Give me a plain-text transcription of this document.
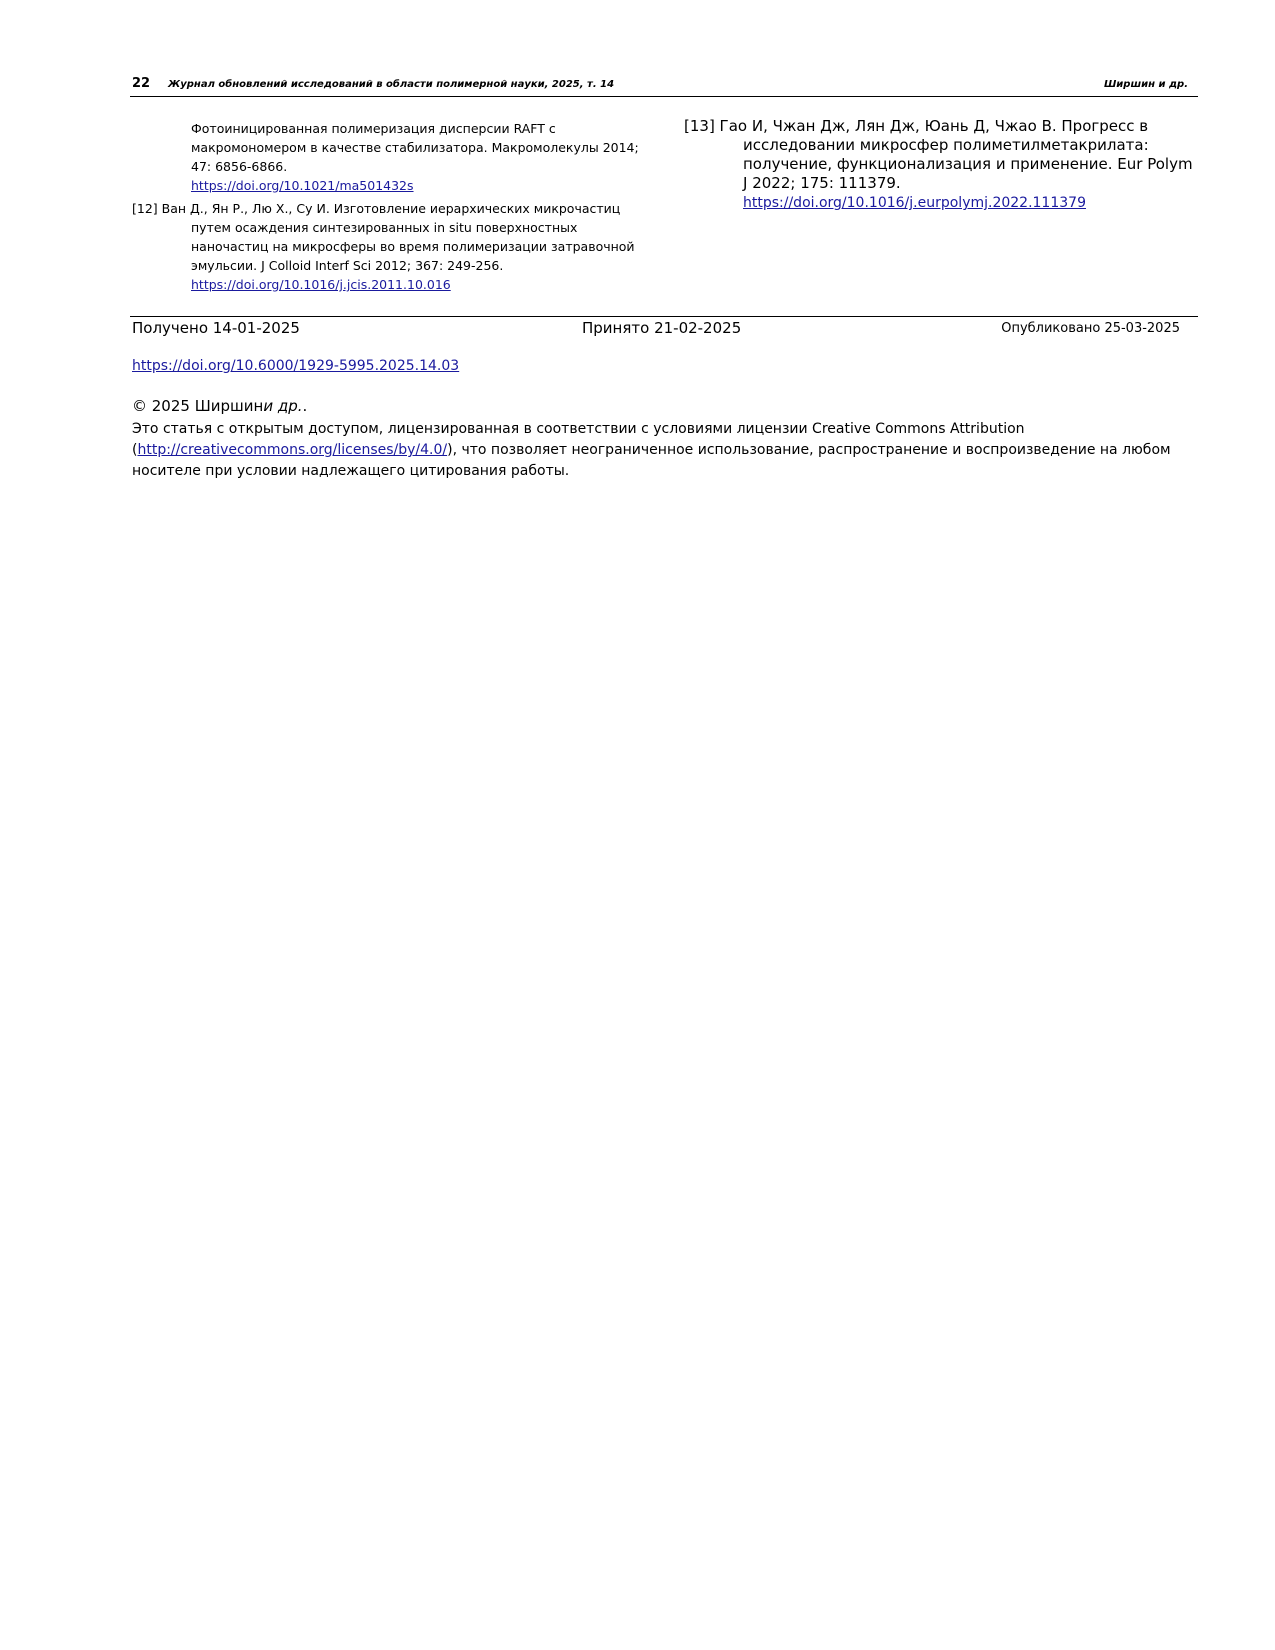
22 Журнал обновлений исследований в области полимерной науки, 2025, т. 14	Ширшин и др.
Фотоиницированная полимеризация дисперсии RAFT с макромономером в качестве стабилизатора. Макромолекулы 2014; 47: 6856-6866.
https://doi.org/10.1021/ma501432s
[12] Ван Д., Ян Р., Лю Х., Су И. Изготовление иерархических микрочастиц путем осаждения синтезированных in situ поверхностных наночастиц на микросферы во время полимеризации затравочной эмульсии. J Colloid Interf Sci 2012; 367: 249-256.
https://doi.org/10.1016/j.jcis.2011.10.016
[13] Гао И, Чжан Дж, Лян Дж, Юань Д, Чжао В. Прогресс в исследовании микросфер полиметилметакрилата: получение, функционализация и применение. Eur Polym J 2022; 175: 111379.
https://doi.org/10.1016/j.eurpolymj.2022.111379
Получено 14-01-2025	Принято 21-02-2025	Опубликовано 25-03-2025
https://doi.org/10.6000/1929-5995.2025.14.03
© 2025 Ширшини др..
Это статья с открытым доступом, лицензированная в соответствии с условиями лицензии Creative Commons Attribution (http://creativecommons.org/licenses/by/4.0/), что позволяет неограниченное использование, распространение и воспроизведение на любом носителе при условии надлежащего цитирования работы.
